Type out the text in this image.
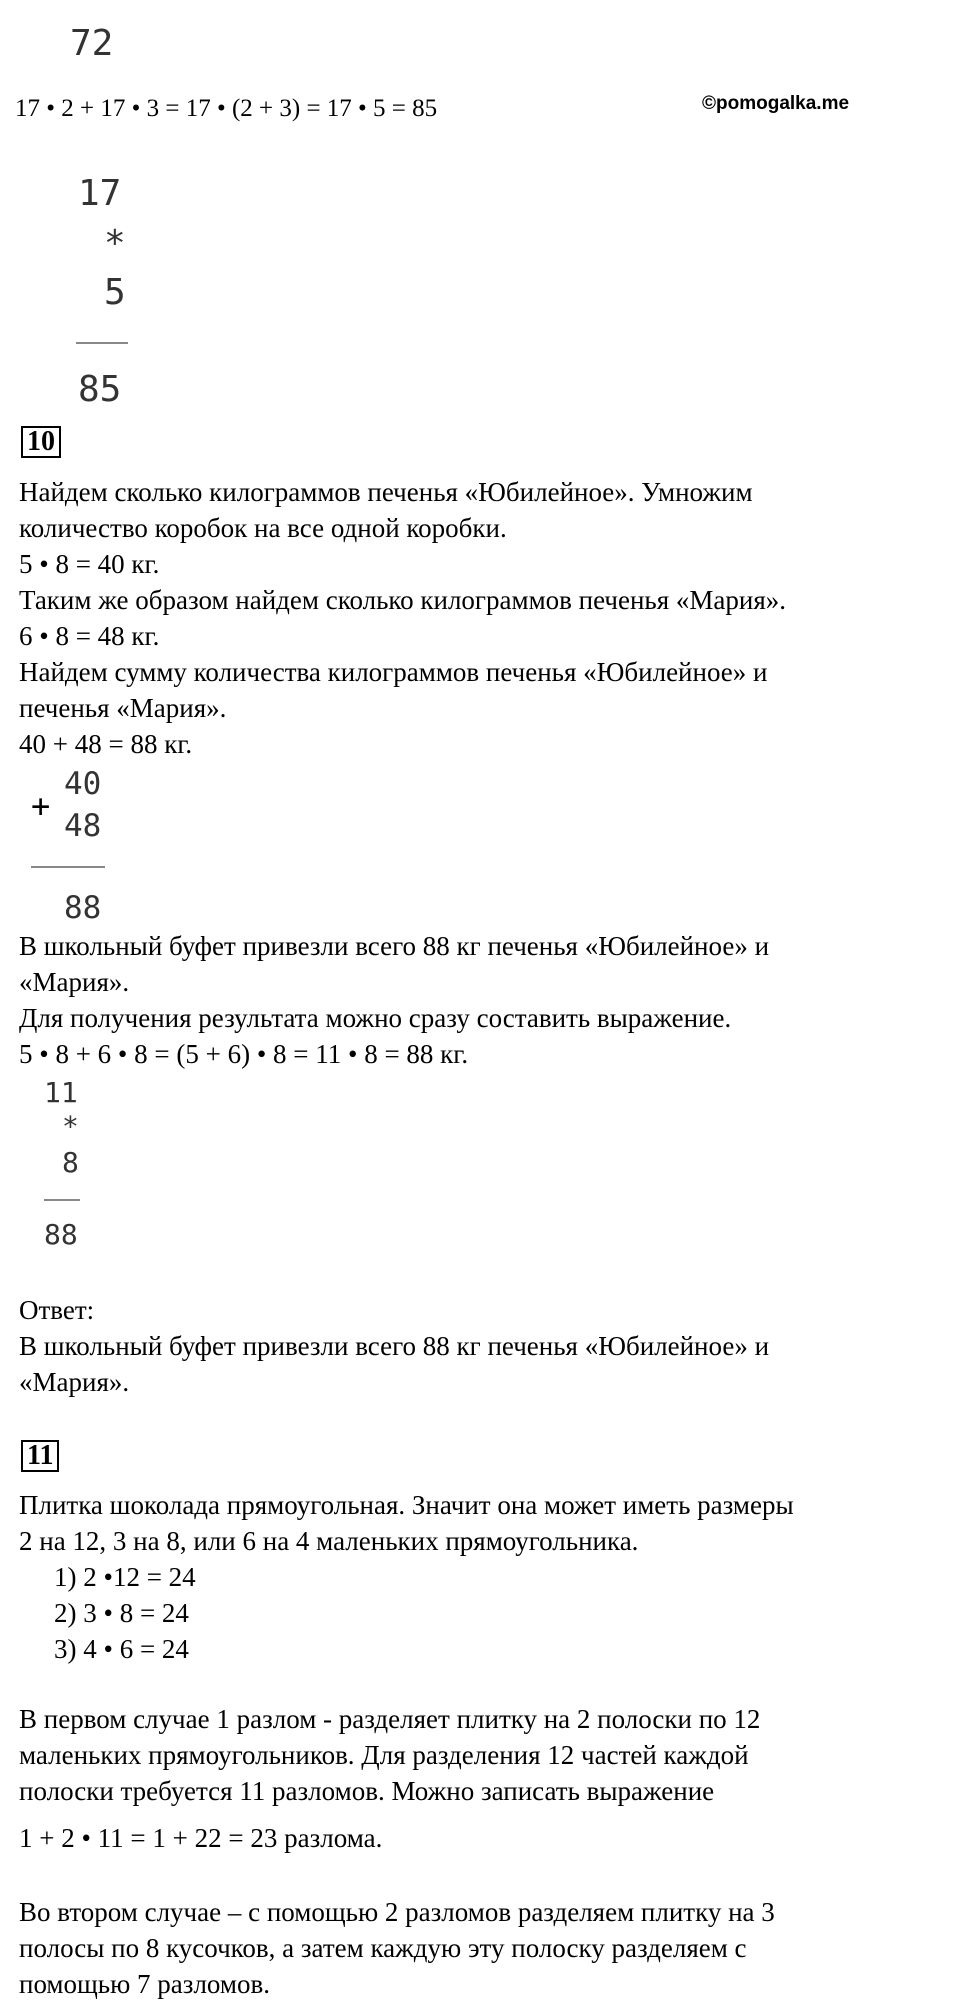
72
17 • 2 + 17 • 3 = 17 • (2 + 3) = 17 • 5 = 85	©pomogalka.me
17
*
5
85
10
Найдем сколько килограммов печенья «Юбилейное». Умножим
количество коробок на все одной коробки.
5 • 8 = 40 кг.
Таким же образом найдем сколько килограммов печенья «Мария».
6 • 8 = 48 кг.
Найдем сумму количества килограммов печенья «Юбилейное» и
печенья «Мария».
40 + 48 = 88 кг.
+
40
48
88
В школьный буфет привезли всего 88 кг печенья «Юбилейное» и
«Мария».
Для получения результата можно сразу составить выражение.
5 • 8 + 6 • 8 = (5 + 6) • 8 = 11 • 8 = 88 кг.
11
*
8
88
Ответ:
В школьный буфет привезли всего 88 кг печенья «Юбилейное» и
«Мария».
11
Плитка шоколада прямоугольная. Значит она может иметь размеры
2 на 12, 3 на 8, или 6 на 4 маленьких прямоугольника.
1) 2 •12 = 24
2) 3 • 8 = 24
3) 4 • 6 = 24
В первом случае 1 разлом - разделяет плитку на 2 полоски по 12
маленьких прямоугольников. Для разделения 12 частей каждой
полоски требуется 11 разломов. Можно записать выражение
1 + 2 • 11 = 1 + 22 = 23 разлома.
Во втором случае – с помощью 2 разломов разделяем плитку на 3
полосы по 8 кусочков, а затем каждую эту полоску разделяем с
помощью 7 разломов.
